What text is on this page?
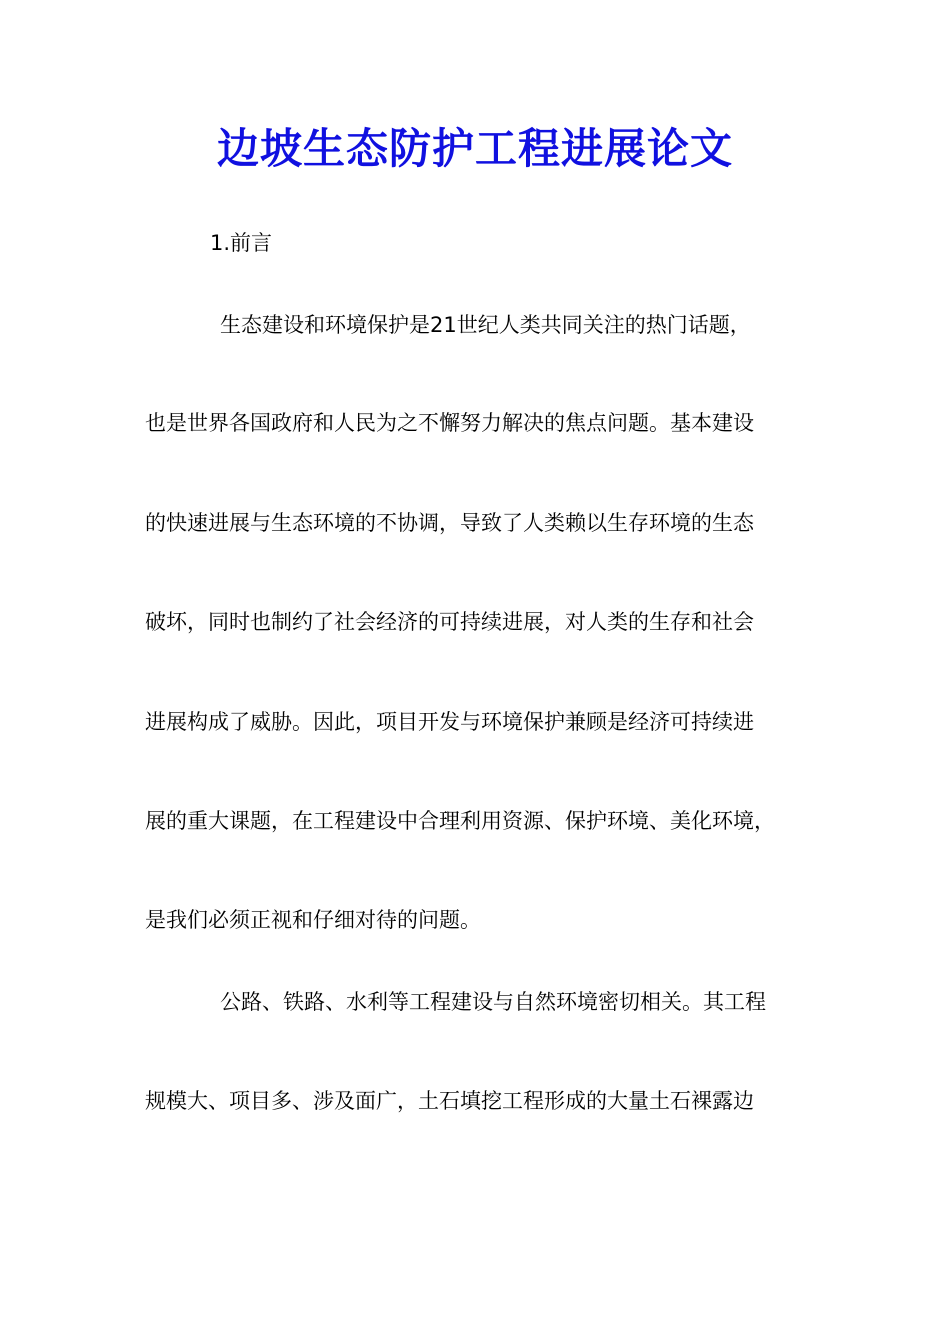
边坡生态防护工程进展论文
1.前言
生态建设和环境保护是21世纪人类共同关注的热门话题，
也是世界各国政府和人民为之不懈努力解决的焦点问题。基本建设
的快速进展与生态环境的不协调，导致了人类赖以生存环境的生态
破坏，同时也制约了社会经济的可持续进展，对人类的生存和社会
进展构成了威胁。因此，项目开发与环境保护兼顾是经济可持续进
展的重大课题，在工程建设中合理利用资源、保护环境、美化环境，
是我们必须正视和仔细对待的问题。
公路、铁路、水利等工程建设与自然环境密切相关。其工程
规模大、项目多、涉及面广，土石填挖工程形成的大量土石裸露边
